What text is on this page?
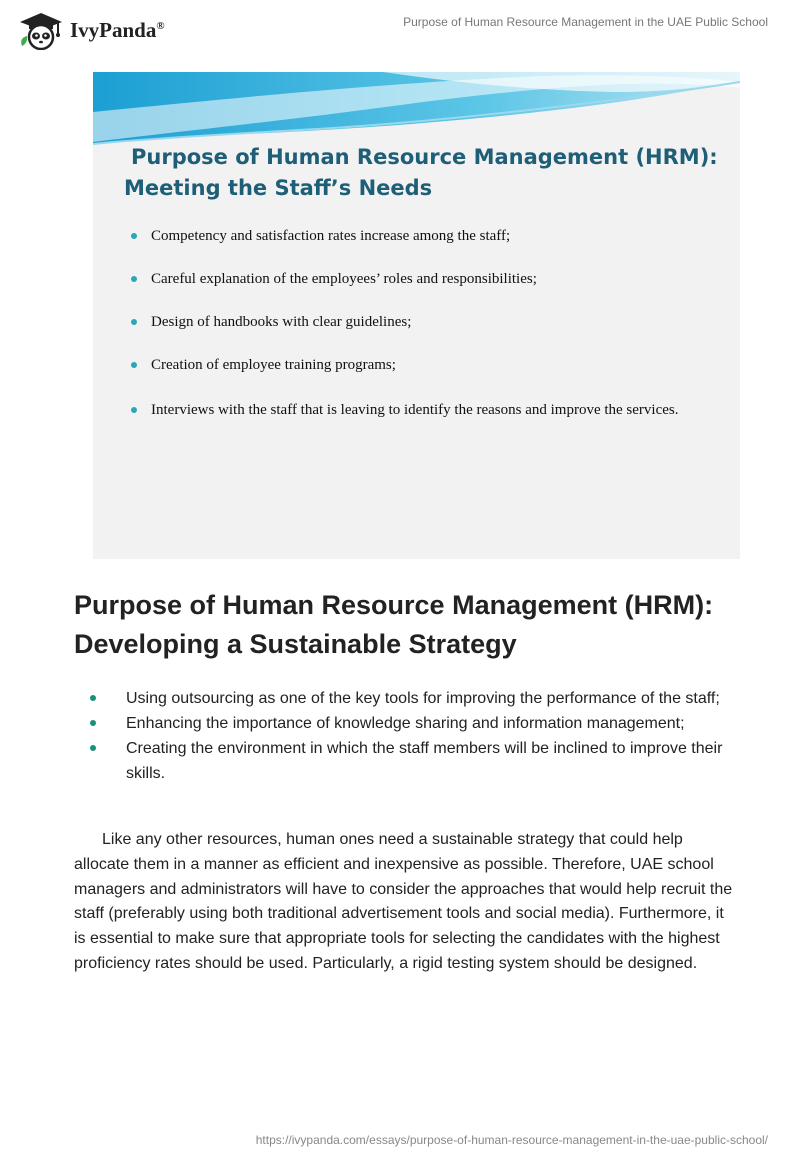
IvyPanda®	Purpose of Human Resource Management in the UAE Public School
Purpose of Human Resource Management (HRM):
Meeting the Staff’s Needs
Competency and satisfaction rates increase among the staff;
Careful explanation of the employees’ roles and responsibilities;
Design of handbooks with clear guidelines;
Creation of employee training programs;
Interviews with the staff that is leaving to identify the reasons and improve the services.
Purpose of Human Resource Management (HRM): Developing a Sustainable Strategy
Using outsourcing as one of the key tools for improving the performance of the staff;
Enhancing the importance of knowledge sharing and information management;
Creating the environment in which the staff members will be inclined to improve their skills.

Like any other resources, human ones need a sustainable strategy that could help allocate them in a manner as efficient and inexpensive as possible. Therefore, UAE school managers and administrators will have to consider the approaches that would help recruit the staff (preferably using both traditional advertisement tools and social media). Furthermore, it is essential to make sure that appropriate tools for selecting the candidates with the highest proficiency rates should be used. Particularly, a rigid testing system should be designed.

https://ivypanda.com/essays/purpose-of-human-resource-management-in-the-uae-public-school/
